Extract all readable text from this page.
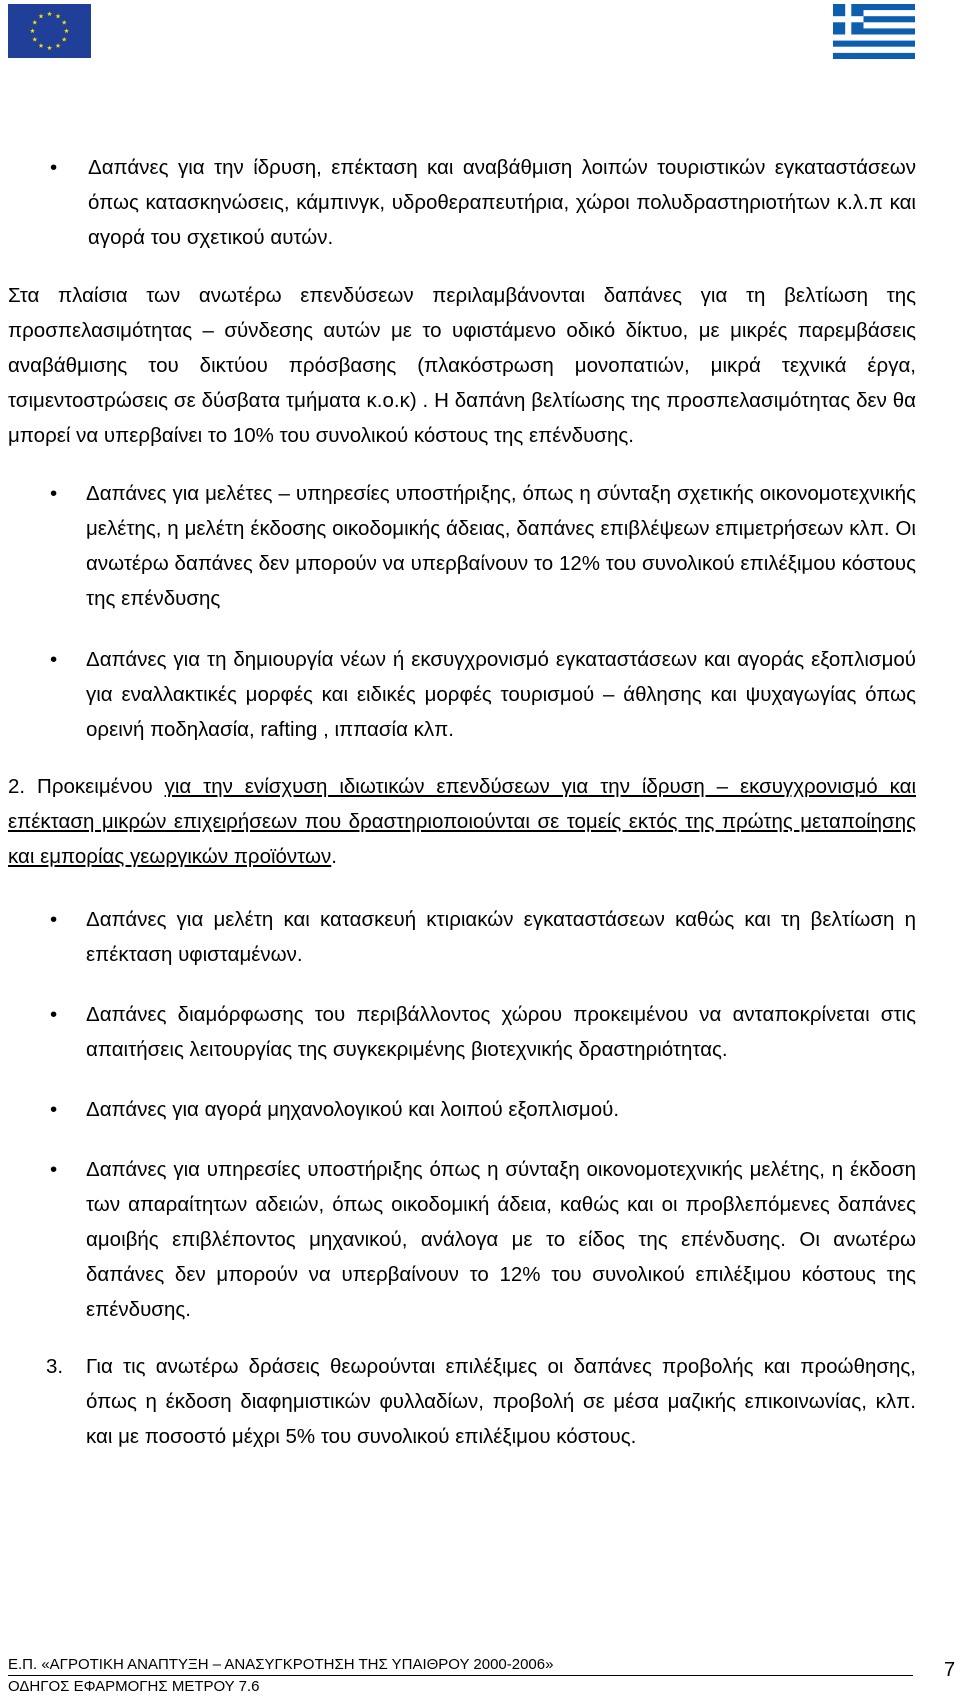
• Δαπάνες για την ίδρυση, επέκταση και αναβάθμιση λοιπών τουριστικών εγκαταστάσεων όπως κατασκηνώσεις, κάμπινγκ, υδροθεραπευτήρια, χώροι πολυδραστηριοτήτων κ.λ.π και αγορά του σχετικού αυτών.

Στα πλαίσια των ανωτέρω επενδύσεων περιλαμβάνονται δαπάνες για τη βελτίωση της προσπελασιμότητας – σύνδεσης αυτών με το υφιστάμενο οδικό δίκτυο, με μικρές παρεμβάσεις αναβάθμισης του δικτύου πρόσβασης (πλακόστρωση μονοπατιών, μικρά τεχνικά έργα, τσιμεντοστρώσεις σε δύσβατα τμήματα κ.ο.κ) . Η δαπάνη βελτίωσης της προσπελασιμότητας δεν θα μπορεί να υπερβαίνει το 10% του συνολικού κόστους της επένδυσης.

• Δαπάνες για μελέτες – υπηρεσίες υποστήριξης, όπως η σύνταξη σχετικής οικονομοτεχνικής μελέτης, η μελέτη έκδοσης οικοδομικής άδειας, δαπάνες επιβλέψεων επιμετρήσεων κλπ. Οι ανωτέρω δαπάνες δεν μπορούν να υπερβαίνουν το 12% του συνολικού επιλέξιμου κόστους της επένδυσης

• Δαπάνες για τη δημιουργία νέων ή εκσυγχρονισμό εγκαταστάσεων και αγοράς εξοπλισμού για εναλλακτικές μορφές και ειδικές μορφές τουρισμού – άθλησης και ψυχαγωγίας όπως ορεινή ποδηλασία, rafting , ιππασία κλπ.

2. Προκειμένου για την ενίσχυση ιδιωτικών επενδύσεων για την ίδρυση – εκσυγχρονισμό και επέκταση μικρών επιχειρήσεων που δραστηριοποιούνται σε τομείς εκτός της πρώτης μεταποίησης και εμπορίας γεωργικών προϊόντων.

• Δαπάνες για μελέτη και κατασκευή κτιριακών εγκαταστάσεων καθώς και τη βελτίωση η επέκταση υφισταμένων.

• Δαπάνες διαμόρφωσης του περιβάλλοντος χώρου προκειμένου να ανταποκρίνεται στις απαιτήσεις λειτουργίας της συγκεκριμένης βιοτεχνικής δραστηριότητας.

• Δαπάνες για αγορά μηχανολογικού και λοιπού εξοπλισμού.

• Δαπάνες για υπηρεσίες υποστήριξης όπως η σύνταξη οικονομοτεχνικής μελέτης, η έκδοση των απαραίτητων αδειών, όπως οικοδομική άδεια, καθώς και οι προβλεπόμενες δαπάνες αμοιβής επιβλέποντος μηχανικού, ανάλογα με το είδος της επένδυσης. Οι ανωτέρω δαπάνες δεν μπορούν να υπερβαίνουν το 12% του συνολικού επιλέξιμου κόστους της επένδυσης.

3. Για τις ανωτέρω δράσεις θεωρούνται επιλέξιμες οι δαπάνες προβολής και προώθησης, όπως η έκδοση διαφημιστικών φυλλαδίων, προβολή σε μέσα μαζικής επικοινωνίας, κλπ. και με ποσοστό μέχρι 5% του συνολικού επιλέξιμου κόστους.

Ε.Π. «ΑΓΡΟΤΙΚΗ ΑΝΑΠΤΥΞΗ – ΑΝΑΣΥΓΚΡΟΤΗΣΗ ΤΗΣ ΥΠΑΙΘΡΟΥ 2000-2006»
ΟΔΗΓΟΣ ΕΦΑΡΜΟΓΗΣ ΜΕΤΡΟΥ 7.6
7
